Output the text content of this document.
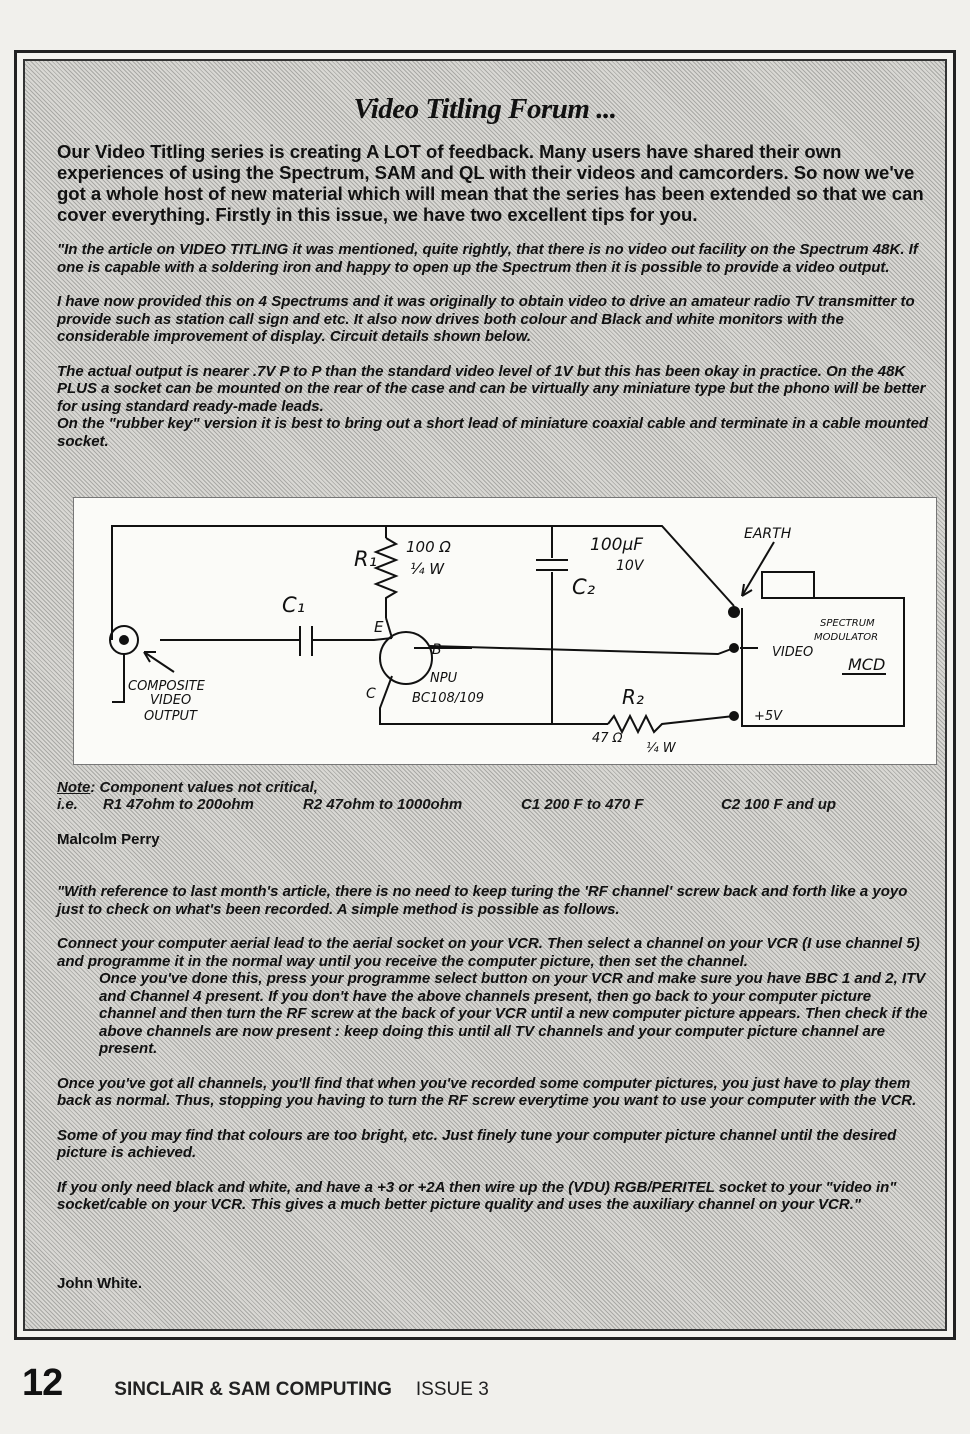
Video Titling Forum ...
Our Video Titling series is creating A LOT of feedback. Many users have shared their own experiences of using the Spectrum, SAM and QL with their videos and camcorders. So now we've got a whole host of new material which will mean that the series has been extended so that we can cover everything. Firstly in this issue, we have two excellent tips for you.

"In the article on VIDEO TITLING it was mentioned, quite rightly, that there is no video out facility on the Spectrum 48K. If one is capable with a soldering iron and happy to open up the Spectrum then it is possible to provide a video output.

I have now provided this on 4 Spectrums and it was originally to obtain video to drive an amateur radio TV transmitter to provide such as station call sign and etc. It also now drives both colour and Black and white monitors with the considerable improvement of display. Circuit details shown below.

The actual output is nearer .7V P to P than the standard video level of 1V but this has been okay in practice. On the 48K PLUS a socket can be mounted on the rear of the case and can be virtually any miniature type but the phono will be better for using standard ready-made leads.

On the "rubber key" version it is best to bring out a short lead of miniature coaxial cable and terminate in a cable mounted socket.

R₁ 100 Ω
¼ W
100µF
10V
C₂
C₁
EARTH
SPECTRUM
MODULATOR
VIDEO
MCD
+5V
R₂
47 Ω
¼ W
E
B
C
NPU
BC108/109
COMPOSITE
VIDEO
OUTPUT
Note: Component values not critical,
i.e.	R1 47ohm to 200ohm	R2 47ohm to 1000ohm	C1 200 F to 470 F	C2 100 F and up
Malcolm Perry

"With reference to last month's article, there is no need to keep turing the 'RF channel' screw back and forth like a yoyo just to check on what's been recorded. A simple method is possible as follows.

Connect your computer aerial lead to the aerial socket on your VCR. Then select a channel on your VCR (I use channel 5) and programme it in the normal way until you receive the computer picture, then set the channel.

Once you've done this, press your programme select button on your VCR and make sure you have BBC 1 and 2, ITV and Channel 4 present. If you don't have the above channels present, then go back to your computer picture channel and then turn the RF screw at the back of your VCR until a new computer picture appears. Then check if the above channels are now present : keep doing this until all TV channels and your computer picture channel are present.

Once you've got all channels, you'll find that when you've recorded some computer pictures, you just have to play them back as normal. Thus, stopping you having to turn the RF screw everytime you want to use your computer with the VCR.

Some of you may find that colours are too bright, etc. Just finely tune your computer picture channel until the desired picture is achieved.

If you only need black and white, and have a +3 or +2A then wire up the (VDU) RGB/PERITEL socket to your "video in" socket/cable on your VCR. This gives a much better picture quality and uses the auxiliary channel on your VCR."

John White.
12	SINCLAIR & SAM COMPUTING ISSUE 3
